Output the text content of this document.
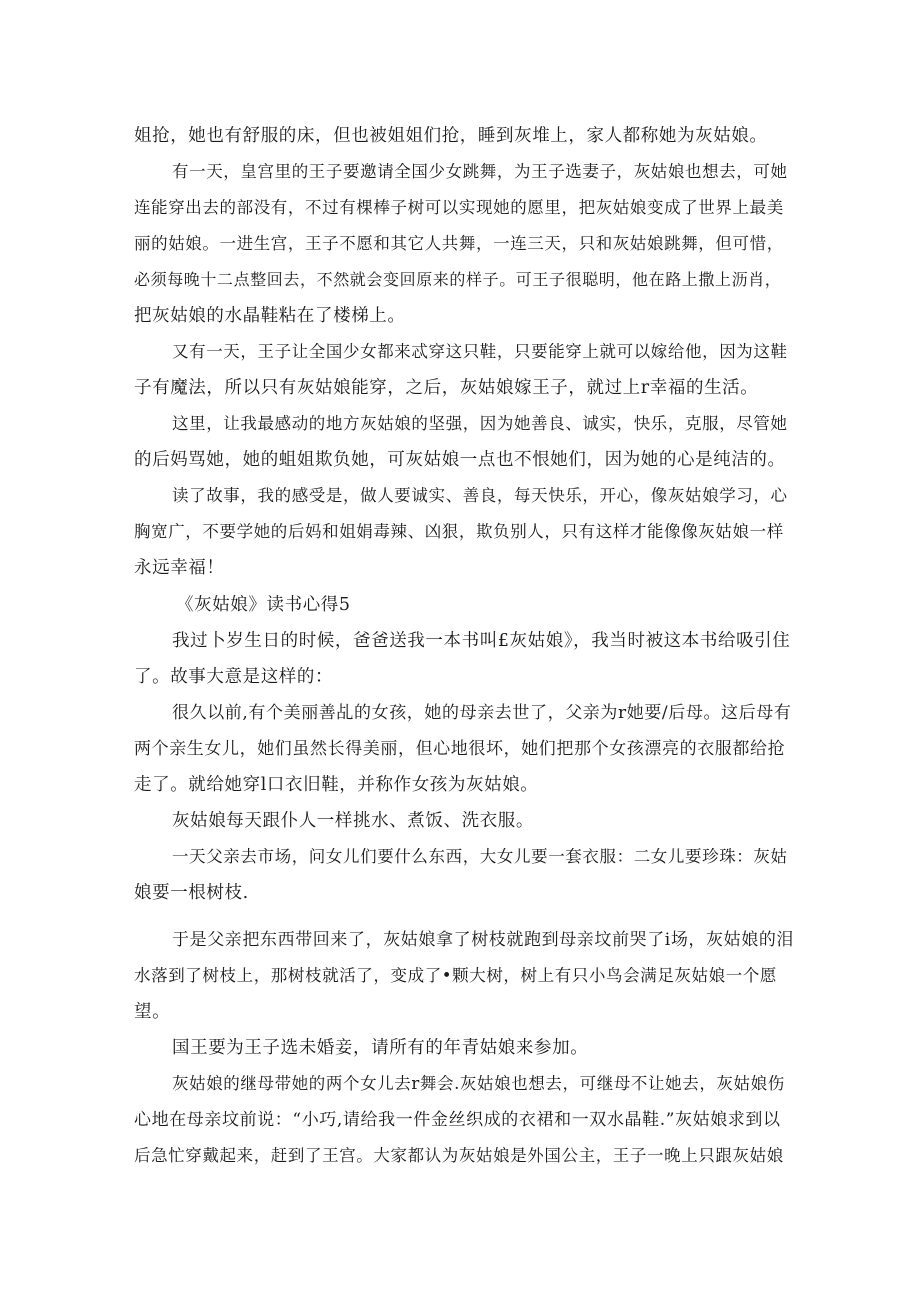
姐抢，她也有舒服的床，但也被姐姐们抢，睡到灰堆上，家人都称她为灰姑娘。
有一天，皇宫里的王子要邀请全国少女跳舞，为王子选妻子，灰姑娘也想去，可她
连能穿出去的部没有，不过有棵棒子树可以实现她的愿里，把灰姑娘变成了世界上最美
丽的姑娘。一进生宫，王子不愿和其它人共舞，一连三天，只和灰姑娘跳舞，但可惜，
必须每晚十二点整回去，不然就会变回原来的样子。可王子很聪明，他在路上撒上沥肖，
把灰姑娘的水晶鞋粘在了楼梯上。
又有一天，王子让全国少女都来忒穿这只鞋，只要能穿上就可以嫁给他，因为这鞋
子有魔法，所以只有灰姑娘能穿，之后，灰姑娘嫁王子，就过上r幸福的生活。
这里，让我最感动的地方灰姑娘的坚强，因为她善良、诚实，快乐，克服，尽管她
的后妈骂她，她的蛆姐欺负她，可灰姑娘一点也不恨她们，因为她的心是纯洁的。
读了故事，我的感受是，做人要诚实、善良，每天快乐，开心，像灰姑娘学习，心
胸宽广，不要学她的后妈和姐娟毒辣、凶狠，欺负别人，只有这样才能像像灰姑娘一样
永远幸福！
《灰姑娘》读书心得5
我过卜岁生日的时候，爸爸送我一本书叫£灰姑娘》，我当时被这本书给吸引住
了。故事大意是这样的：
很久以前,有个美丽善乩的女孩，她的母亲去世了，父亲为r她要/后母。这后母有
两个亲生女儿，她们虽然长得美丽，但心地很坏，她们把那个女孩漂亮的衣服都给抢
走了。就给她穿l口衣旧鞋，并称作女孩为灰姑娘。
灰姑娘每天跟仆人一样挑水、煮饭、洗衣服。
一天父亲去市场，问女儿们要什么东西，大女儿要一套衣服：二女儿要珍珠：灰姑
娘要一根树枝.
于是父亲把东西带回来了，灰姑娘拿了树枝就跑到母亲坟前哭了i场，灰姑娘的泪
水落到了树枝上，那树枝就活了，变成了•颗大树，树上有只小鸟会满足灰姑娘一个愿
望。
国王要为王子选未婚妾，请所有的年青姑娘来参加。
灰姑娘的继母带她的两个女儿去r舞会.灰姑娘也想去，可继母不让她去，灰姑娘伤
心地在母亲坟前说：“小巧,请给我一件金丝织成的衣裙和一双水晶鞋.”灰姑娘求到以
后急忙穿戴起来，赶到了王宫。大家都认为灰姑娘是外国公主，王子一晚上只跟灰姑娘
